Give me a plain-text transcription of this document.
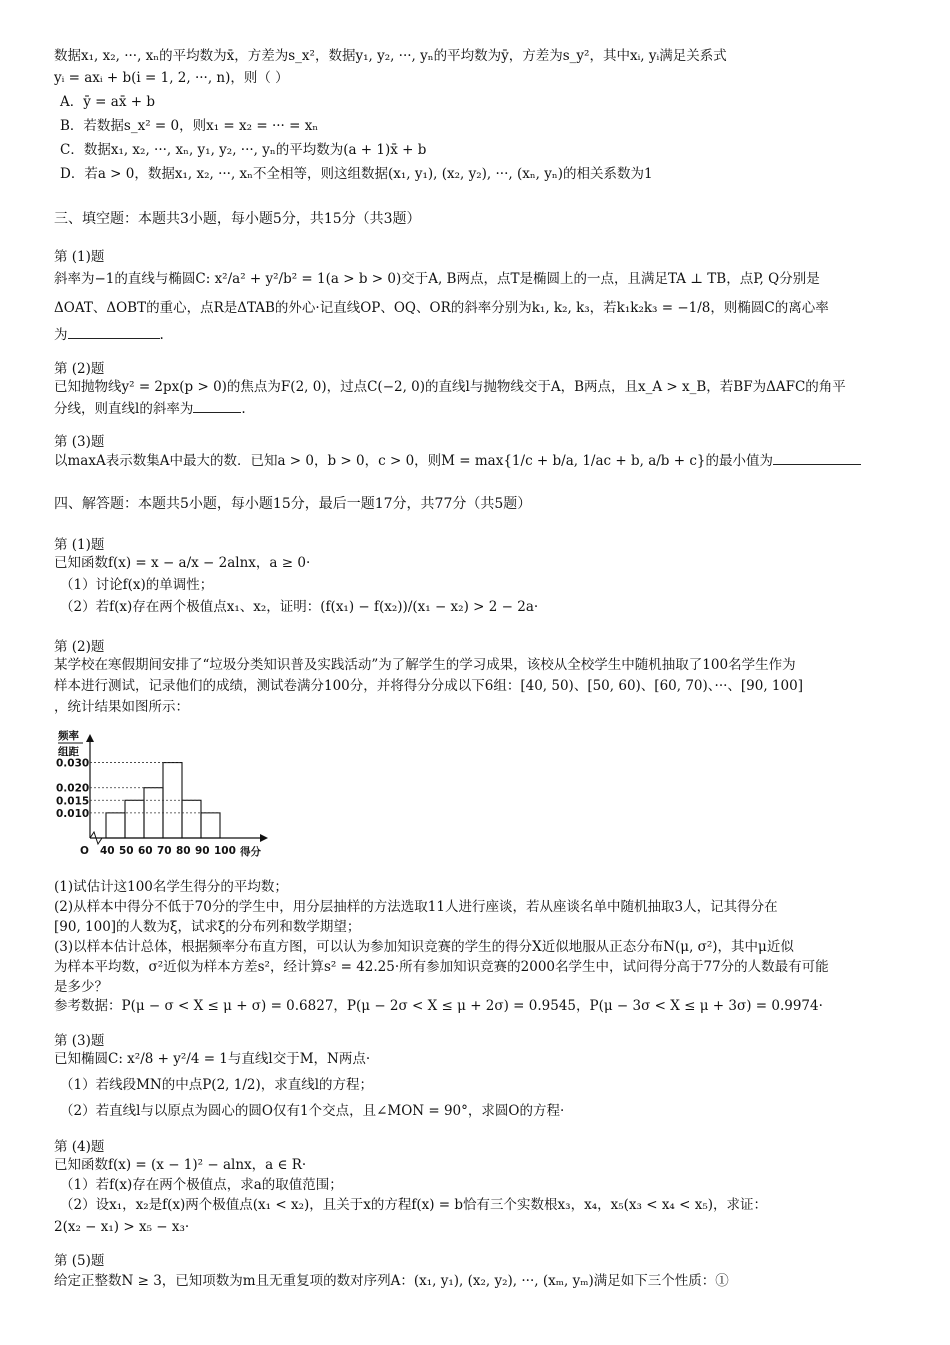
数据x₁, x₂, ···, xₙ的平均数为x̄，方差为s_x²，数据y₁, y₂, ···, yₙ的平均数为ȳ，方差为s_y²，其中xᵢ, yᵢ满足关系式
yᵢ = axᵢ + b(i = 1, 2, ···, n)，则（ ）
A．ȳ = ax̄ + b
B．若数据s_x² = 0，则x₁ = x₂ = ··· = xₙ
C．数据x₁, x₂, ···, xₙ, y₁, y₂, ···, yₙ的平均数为(a + 1)x̄ + b
D．若a > 0，数据x₁, x₂, ···, xₙ不全相等，则这组数据(x₁, y₁), (x₂, y₂), ···, (xₙ, yₙ)的相关系数为1
三、填空题：本题共3小题，每小题5分，共15分（共3题）
第 (1)题
斜率为−1的直线与椭圆C: x²/a² + y²/b² = 1(a > b > 0)交于A, B两点，点T是椭圆上的一点，且满足TA ⊥ TB，点P, Q分别是
ΔOAT、ΔOBT的重心，点R是ΔTAB的外心·记直线OP、OQ、OR的斜率分别为k₁, k₂, k₃，若k₁k₂k₃ = −1/8，则椭圆C的离心率
为	.
第 (2)题
已知抛物线y² = 2px(p > 0)的焦点为F(2, 0)，过点C(−2, 0)的直线l与抛物线交于A，B两点，且x_A > x_B，若BF为ΔAFC的角平
分线，则直线l的斜率为	.
第 (3)题
以maxA表示数集A中最大的数．已知a > 0，b > 0，c > 0，则M = max{1/c + b/a, 1/ac + b, a/b + c}的最小值为
四、解答题：本题共5小题，每小题15分，最后一题17分，共77分（共5题）
第 (1)题
已知函数f(x) = x − a/x − 2alnx，a ≥ 0·
（1）讨论f(x)的单调性；
（2）若f(x)存在两个极值点x₁、x₂，证明：(f(x₁) − f(x₂))/(x₁ − x₂) > 2 − 2a·
第 (2)题
某学校在寒假期间安排了“垃圾分类知识普及实践活动”为了解学生的学习成果，该校从全校学生中随机抽取了100名学生作为
样本进行测试，记录他们的成绩，测试卷满分100分，并将得分分成以下6组：[40, 50)、[50, 60)、[60, 70)、···、[90, 100]
，统计结果如图所示：
频率
组距
O	得分
0.030
0.020
0.015
0.010
40 50 60 70 80 90 100
(1)试估计这100名学生得分的平均数；
(2)从样本中得分不低于70分的学生中，用分层抽样的方法选取11人进行座谈，若从座谈名单中随机抽取3人，记其得分在
[90, 100]的人数为ξ，试求ξ的分布列和数学期望；
(3)以样本估计总体，根据频率分布直方图，可以认为参加知识竞赛的学生的得分X近似地服从正态分布N(μ, σ²)，其中μ近似
为样本平均数，σ²近似为样本方差s²，经计算s² = 42.25·所有参加知识竞赛的2000名学生中，试问得分高于77分的人数最有可能
是多少？
参考数据：P(μ − σ < X ≤ μ + σ) = 0.6827，P(μ − 2σ < X ≤ μ + 2σ) = 0.9545，P(μ − 3σ < X ≤ μ + 3σ) = 0.9974·
第 (3)题
已知椭圆C: x²/8 + y²/4 = 1与直线l交于M，N两点·
（1）若线段MN的中点P(2, 1/2)，求直线l的方程；
（2）若直线l与以原点为圆心的圆O仅有1个交点，且∠MON = 90°，求圆O的方程·
第 (4)题
已知函数f(x) = (x − 1)² − alnx，a ∈ R·
（1）若f(x)存在两个极值点，求a的取值范围；
（2）设x₁，x₂是f(x)两个极值点(x₁ < x₂)，且关于x的方程f(x) = b恰有三个实数根x₃，x₄，x₅(x₃ < x₄ < x₅)，求证：
2(x₂ − x₁) > x₅ − x₃·
第 (5)题
给定正整数N ≥ 3，已知项数为m且无重复项的数对序列A：(x₁, y₁), (x₂, y₂), ···, (xₘ, yₘ)满足如下三个性质：①
